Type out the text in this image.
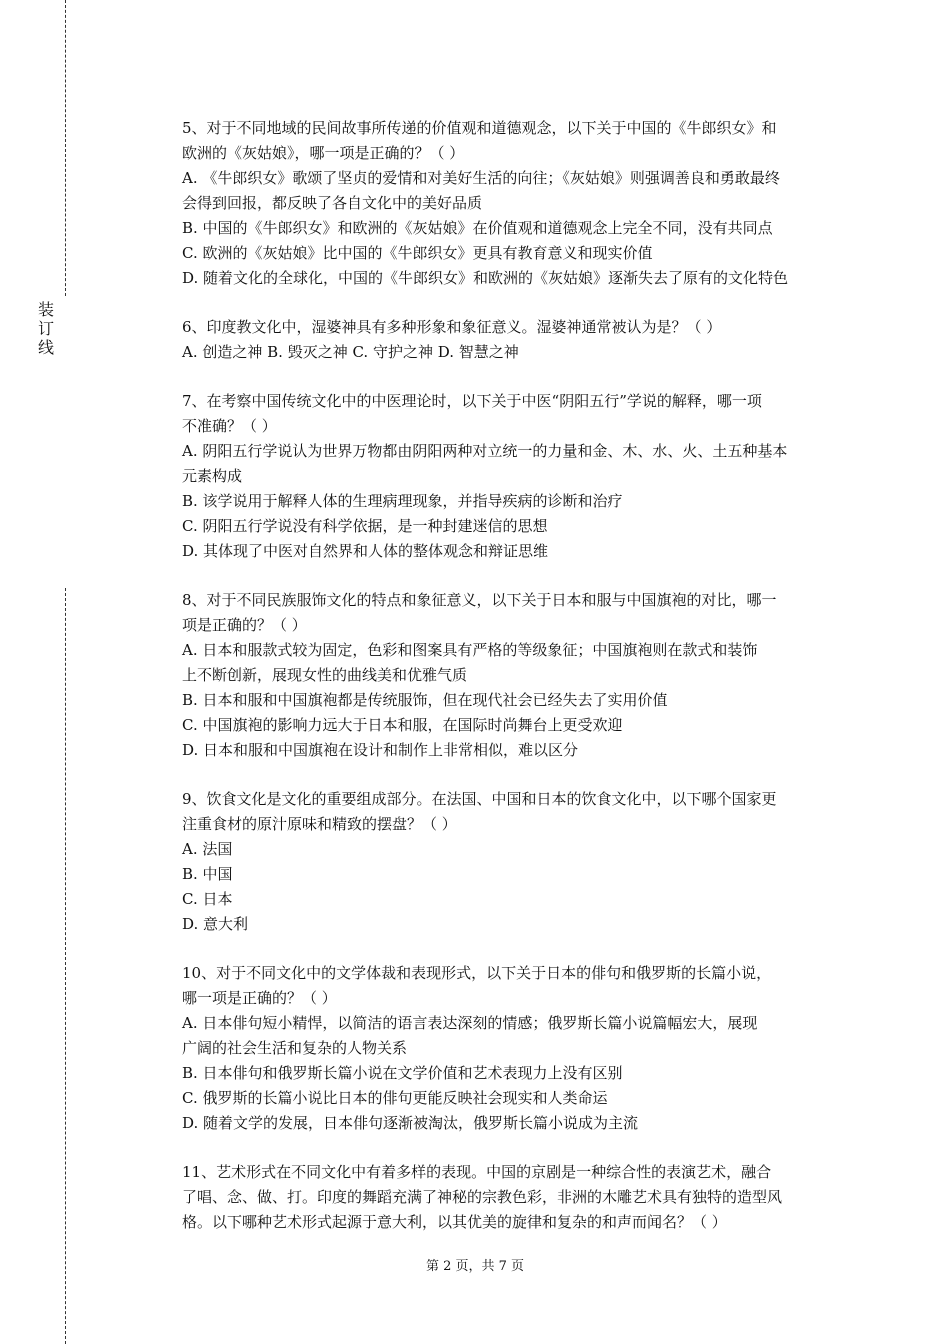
装
订
线
5、对于不同地域的民间故事所传递的价值观和道德观念，以下关于中国的《牛郎织女》和
欧洲的《灰姑娘》，哪一项是正确的？（ ）
A. 《牛郎织女》歌颂了坚贞的爱情和对美好生活的向往；《灰姑娘》则强调善良和勇敢最终
会得到回报，都反映了各自文化中的美好品质
B. 中国的《牛郎织女》和欧洲的《灰姑娘》在价值观和道德观念上完全不同，没有共同点
C. 欧洲的《灰姑娘》比中国的《牛郎织女》更具有教育意义和现实价值
D. 随着文化的全球化，中国的《牛郎织女》和欧洲的《灰姑娘》逐渐失去了原有的文化特色
6、印度教文化中，湿婆神具有多种形象和象征意义。湿婆神通常被认为是？（ ）
A. 创造之神 B. 毁灭之神 C. 守护之神 D. 智慧之神
7、在考察中国传统文化中的中医理论时，以下关于中医“阴阳五行”学说的解释，哪一项
不准确？（ ）
A. 阴阳五行学说认为世界万物都由阴阳两种对立统一的力量和金、木、水、火、土五种基本
元素构成
B. 该学说用于解释人体的生理病理现象，并指导疾病的诊断和治疗
C. 阴阳五行学说没有科学依据，是一种封建迷信的思想
D. 其体现了中医对自然界和人体的整体观念和辩证思维
8、对于不同民族服饰文化的特点和象征意义，以下关于日本和服与中国旗袍的对比，哪一
项是正确的？（ ）
A. 日本和服款式较为固定，色彩和图案具有严格的等级象征；中国旗袍则在款式和装饰
上不断创新，展现女性的曲线美和优雅气质
B. 日本和服和中国旗袍都是传统服饰，但在现代社会已经失去了实用价值
C. 中国旗袍的影响力远大于日本和服，在国际时尚舞台上更受欢迎
D. 日本和服和中国旗袍在设计和制作上非常相似，难以区分
9、饮食文化是文化的重要组成部分。在法国、中国和日本的饮食文化中，以下哪个国家更
注重食材的原汁原味和精致的摆盘？（ ）
A. 法国
B. 中国
C. 日本
D. 意大利
10、对于不同文化中的文学体裁和表现形式，以下关于日本的俳句和俄罗斯的长篇小说，
哪一项是正确的？（ ）
A. 日本俳句短小精悍，以简洁的语言表达深刻的情感；俄罗斯长篇小说篇幅宏大，展现
广阔的社会生活和复杂的人物关系
B. 日本俳句和俄罗斯长篇小说在文学价值和艺术表现力上没有区别
C. 俄罗斯的长篇小说比日本的俳句更能反映社会现实和人类命运
D. 随着文学的发展，日本俳句逐渐被淘汰，俄罗斯长篇小说成为主流
11、艺术形式在不同文化中有着多样的表现。中国的京剧是一种综合性的表演艺术，融合
了唱、念、做、打。印度的舞蹈充满了神秘的宗教色彩，非洲的木雕艺术具有独特的造型风
格。以下哪种艺术形式起源于意大利，以其优美的旋律和复杂的和声而闻名？（ ）
第 2 页，共 7 页
